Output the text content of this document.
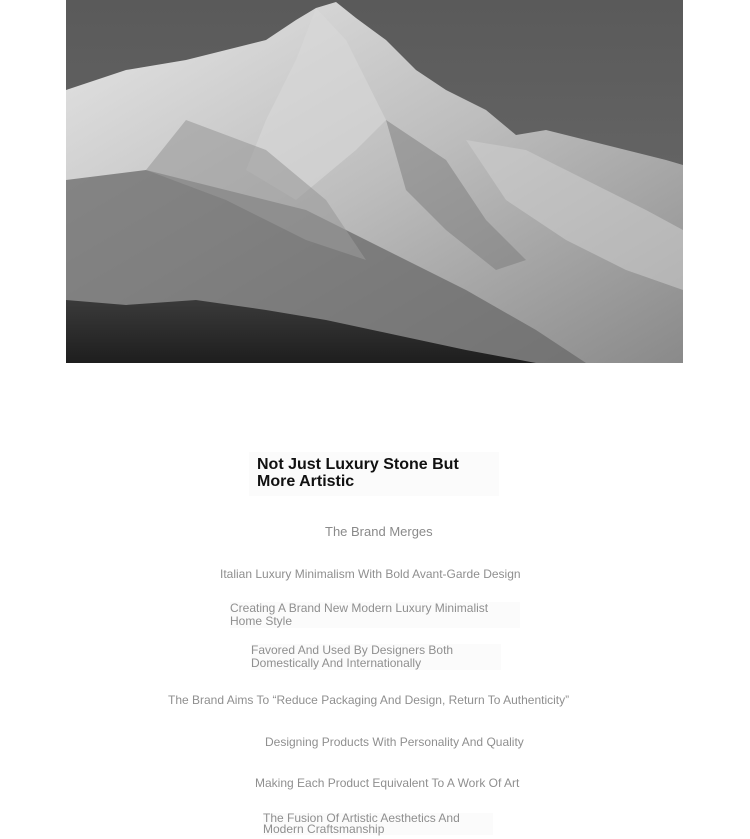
Not Just Luxury Stone But More Artistic

The Brand Merges

Italian Luxury Minimalism With Bold Avant-Garde Design

Creating A Brand New Modern Luxury Minimalist Home Style

Favored And Used By Designers Both Domestically And Internationally

The Brand Aims To “Reduce Packaging And Design, Return To Authenticity”

Designing Products With Personality And Quality

Making Each Product Equivalent To A Work Of Art

The Fusion Of Artistic Aesthetics And Modern Craftsmanship
